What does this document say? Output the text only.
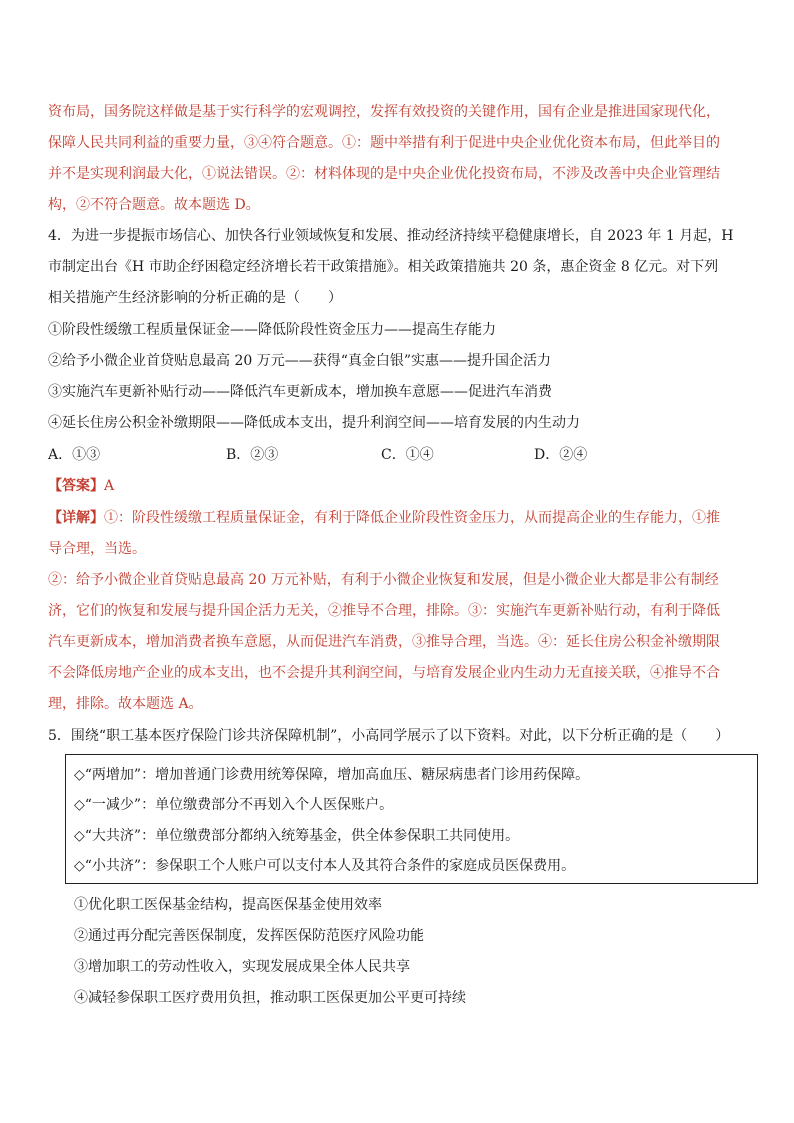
资布局，国务院这样做是基于实行科学的宏观调控，发挥有效投资的关键作用，国有企业是推进国家现代化，
保障人民共同利益的重要力量，③④符合题意。①：题中举措有利于促进中央企业优化资本布局，但此举目的
并不是实现利润最大化，①说法错误。②：材料体现的是中央企业优化投资布局，不涉及改善中央企业管理结
构，②不符合题意。故本题选 D。
4．为进一步提振市场信心、加快各行业领域恢复和发展、推动经济持续平稳健康增长，自 2023 年 1 月起，H
市制定出台《H 市助企纾困稳定经济增长若干政策措施》。相关政策措施共 20 条，惠企资金 8 亿元。对下列
相关措施产生经济影响的分析正确的是（　　）
①阶段性缓缴工程质量保证金——降低阶段性资金压力——提高生存能力
②给予小微企业首贷贴息最高 20 万元——获得“真金白银”实惠——提升国企活力
③实施汽车更新补贴行动——降低汽车更新成本，增加换车意愿——促进汽车消费
④延长住房公积金补缴期限——降低成本支出，提升利润空间——培育发展的内生动力
A．①③	B．②③	C．①④	D．②④
【答案】A
【详解】①：阶段性缓缴工程质量保证金，有利于降低企业阶段性资金压力，从而提高企业的生存能力，①推
导合理，当选。
②：给予小微企业首贷贴息最高 20 万元补贴，有利于小微企业恢复和发展，但是小微企业大都是非公有制经
济，它们的恢复和发展与提升国企活力无关，②推导不合理，排除。③：实施汽车更新补贴行动，有利于降低
汽车更新成本，增加消费者换车意愿，从而促进汽车消费，③推导合理，当选。④：延长住房公积金补缴期限
不会降低房地产企业的成本支出，也不会提升其利润空间，与培育发展企业内生动力无直接关联，④推导不合
理，排除。故本题选 A。
5．围绕“职工基本医疗保险门诊共济保障机制”，小高同学展示了以下资料。对此，以下分析正确的是（　　）
◇“两增加”：增加普通门诊费用统筹保障，增加高血压、糖尿病患者门诊用药保障。
◇“一减少”：单位缴费部分不再划入个人医保账户。
◇“大共济”：单位缴费部分都纳入统筹基金，供全体参保职工共同使用。
◇“小共济”：参保职工个人账户可以支付本人及其符合条件的家庭成员医保费用。
①优化职工医保基金结构，提高医保基金使用效率
②通过再分配完善医保制度，发挥医保防范医疗风险功能
③增加职工的劳动性收入，实现发展成果全体人民共享
④减轻参保职工医疗费用负担，推动职工医保更加公平更可持续
